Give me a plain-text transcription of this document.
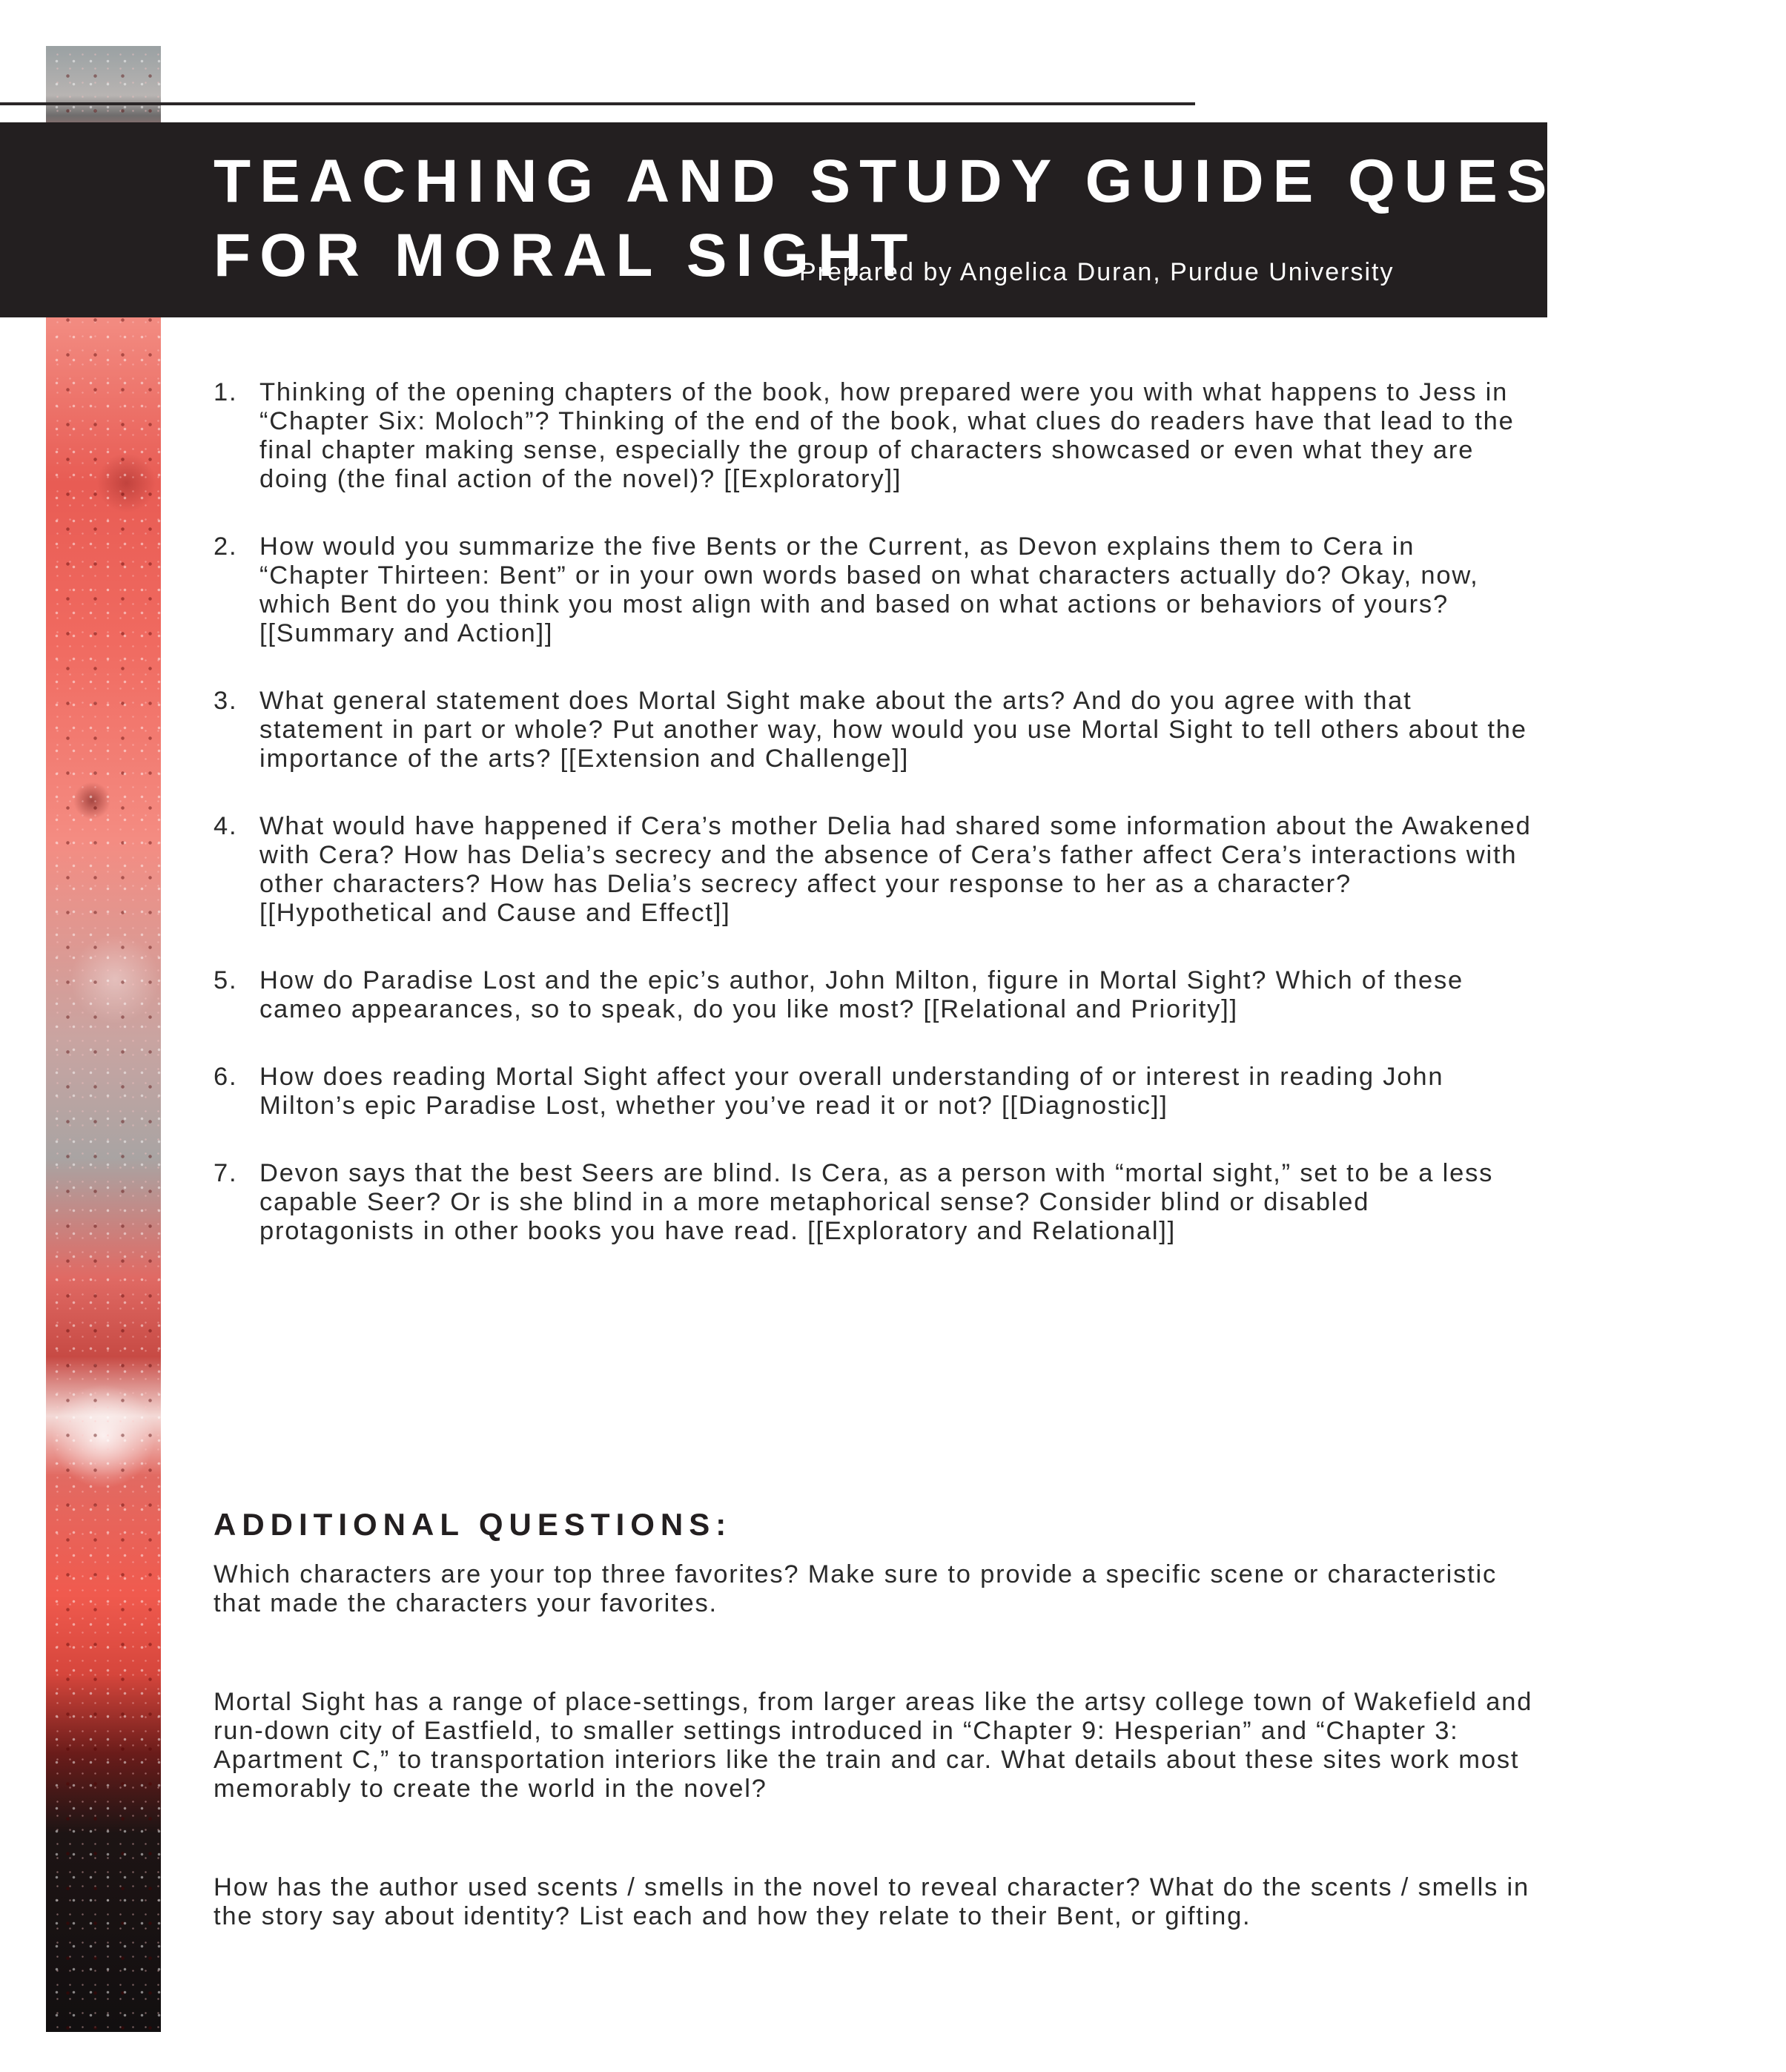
TEACHING AND STUDY GUIDE QUESTIONS
FOR MORAL SIGHT
Prepared by Angelica Duran, Purdue University
1. Thinking of the opening chapters of the book, how prepared were you with what happens to Jess in “Chapter Six: Moloch”? Thinking of the end of the book, what clues do readers have that lead to the final chapter making sense, especially the group of characters showcased or even what they are doing (the final action of the novel)? [[Exploratory]]
2. How would you summarize the five Bents or the Current, as Devon explains them to Cera in “Chapter Thirteen: Bent” or in your own words based on what characters actually do? Okay, now, which Bent do you think you most align with and based on what actions or behaviors of yours? [[Summary and Action]]
3. What general statement does Mortal Sight make about the arts? And do you agree with that statement in part or whole? Put another way, how would you use Mortal Sight to tell others about the importance of the arts? [[Extension and Challenge]]
4. What would have happened if Cera’s mother Delia had shared some information about the Awakened with Cera? How has Delia’s secrecy and the absence of Cera’s father affect Cera’s interactions with other characters? How has Delia’s secrecy affect your response to her as a character? [[Hypothetical and Cause and Effect]]
5. How do Paradise Lost and the epic’s author, John Milton, figure in Mortal Sight? Which of these cameo appearances, so to speak, do you like most? [[Relational and Priority]]
6. How does reading Mortal Sight affect your overall understanding of or interest in reading John Milton’s epic Paradise Lost, whether you’ve read it or not? [[Diagnostic]]
7. Devon says that the best Seers are blind. Is Cera, as a person with “mortal sight,” set to be a less capable Seer? Or is she blind in a more metaphorical sense? Consider blind or disabled protagonists in other books you have read. [[Exploratory and Relational]]
ADDITIONAL QUESTIONS:

Which characters are your top three favorites? Make sure to provide a specific scene or characteristic that made the characters your favorites.

Mortal Sight has a range of place-settings, from larger areas like the artsy college town of Wakefield and run-down city of Eastfield, to smaller settings introduced in “Chapter 9: Hesperian” and “Chapter 3: Apartment C,” to transportation interiors like the train and car. What details about these sites work most memorably to create the world in the novel?

How has the author used scents / smells in the novel to reveal character? What do the scents / smells in the story say about identity? List each and how they relate to their Bent, or gifting.
